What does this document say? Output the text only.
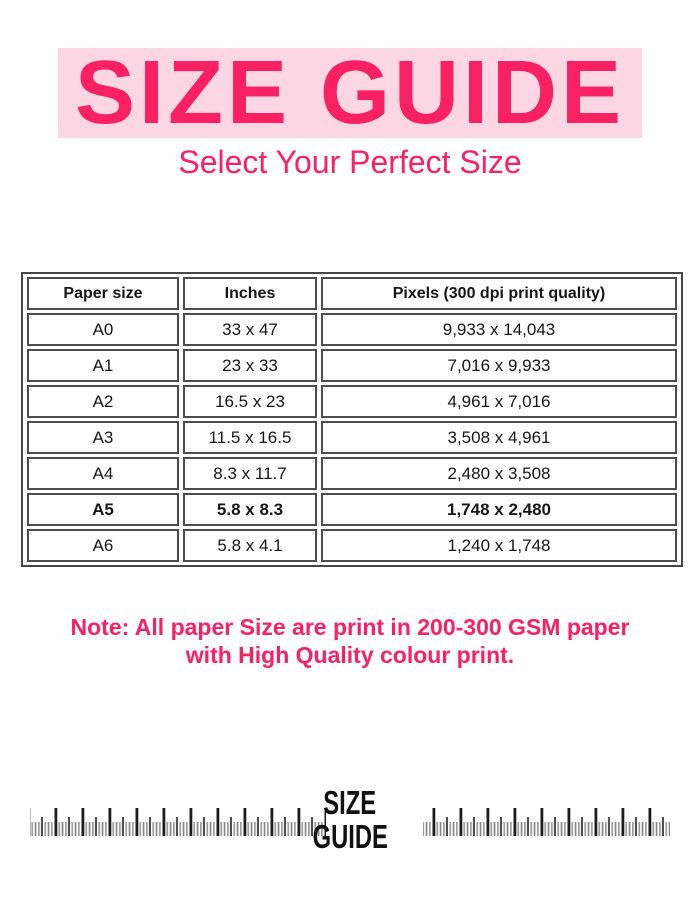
SIZE GUIDE
Select Your Perfect Size
Paper size	Inches	Pixels (300 dpi print quality)
A0	33 x 47	9,933 x 14,043
A1	23 x 33	7,016 x 9,933
A2	16.5 x 23	4,961 x 7,016
A3	11.5 x 16.5	3,508 x 4,961
A4	8.3 x 11.7	2,480 x 3,508
A5	5.8 x 8.3	1,748 x 2,480
A6	5.8 x 4.1	1,240 x 1,748
Note: All paper Size are print in 200-300 GSM paper
with High Quality colour print.
SIZE
GUIDE
